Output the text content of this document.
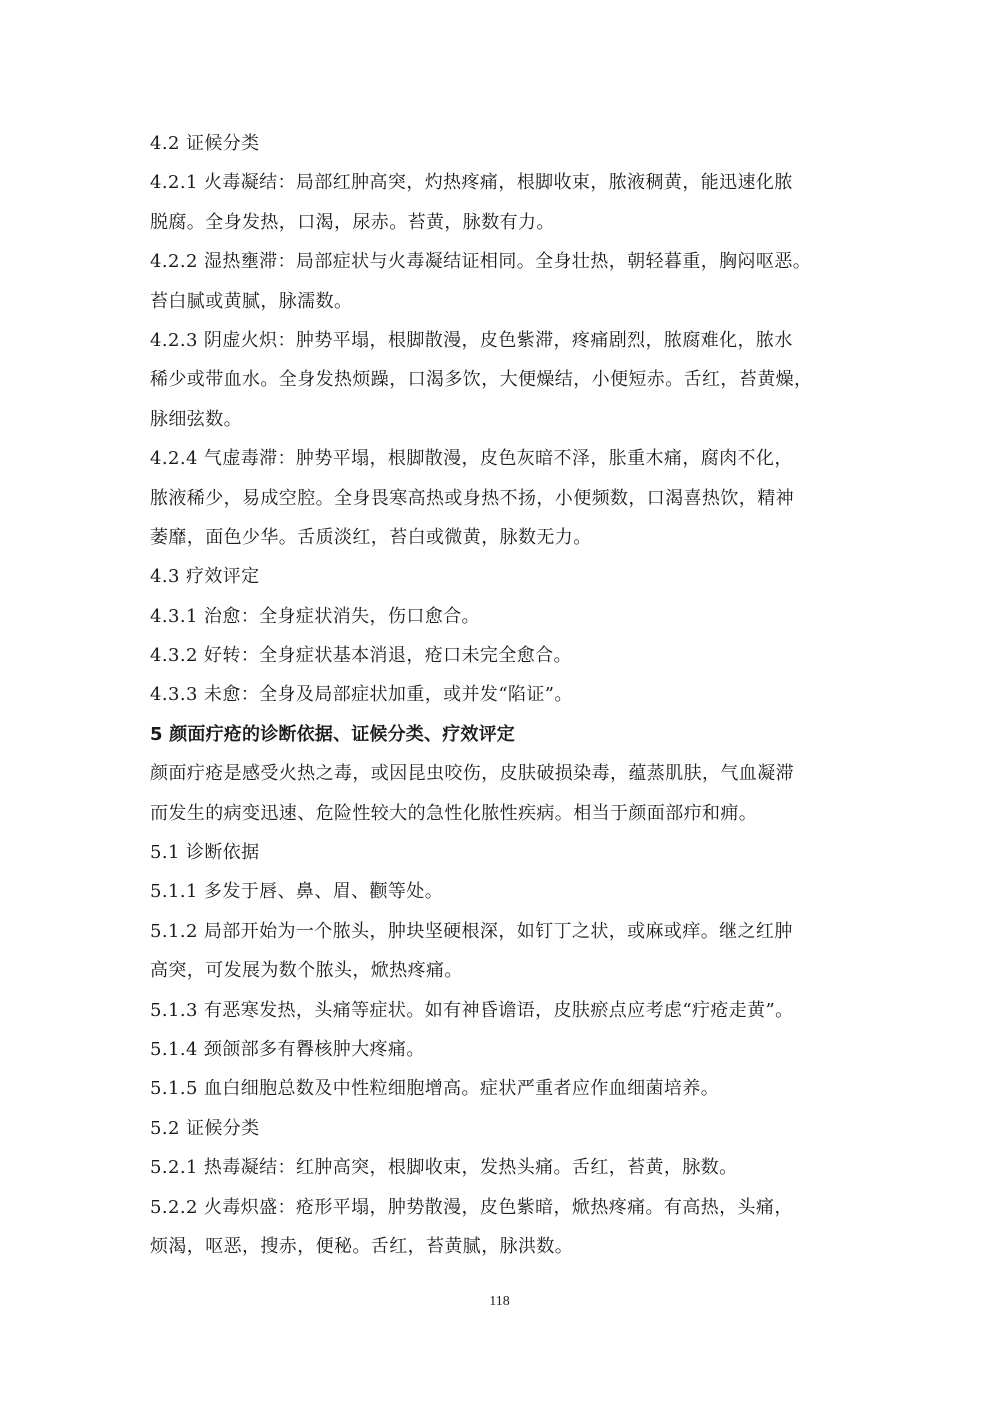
4.2 证候分类
4.2.1 火毒凝结：局部红肿高突，灼热疼痛，根脚收束，脓液稠黄，能迅速化脓
脱腐。全身发热，口渴，尿赤。苔黄，脉数有力。
4.2.2 湿热壅滞：局部症状与火毒凝结证相同。全身壮热，朝轻暮重，胸闷呕恶。
苔白腻或黄腻，脉濡数。
4.2.3 阴虚火炽：肿势平塌，根脚散漫，皮色紫滞，疼痛剧烈，脓腐难化，脓水
稀少或带血水。全身发热烦躁，口渴多饮，大便燥结，小便短赤。舌红，苔黄燥，
脉细弦数。
4.2.4 气虚毒滞：肿势平塌，根脚散漫，皮色灰暗不泽，胀重木痛，腐肉不化，
脓液稀少，易成空腔。全身畏寒高热或身热不扬，小便频数，口渴喜热饮，精神
萎靡，面色少华。舌质淡红，苔白或微黄，脉数无力。
4.3 疗效评定
4.3.1 治愈：全身症状消失，伤口愈合。
4.3.2 好转：全身症状基本消退，疮口未完全愈合。
4.3.3 未愈：全身及局部症状加重，或并发“陷证”。
5 颜面疔疮的诊断依据、证候分类、疗效评定
颜面疔疮是感受火热之毒，或因昆虫咬伤，皮肤破损染毒，蕴蒸肌肤，气血凝滞
而发生的病变迅速、危险性较大的急性化脓性疾病。相当于颜面部疖和痈。
5.1 诊断依据
5.1.1 多发于唇、鼻、眉、颧等处。
5.1.2 局部开始为一个脓头，肿块坚硬根深，如钉丁之状，或麻或痒。继之红肿
高突，可发展为数个脓头，焮热疼痛。
5.1.3 有恶寒发热，头痛等症状。如有神昏谵语，皮肤瘀点应考虑“疔疮走黄”。
5.1.4 颈颌部多有臖核肿大疼痛。
5.1.5 血白细胞总数及中性粒细胞增高。症状严重者应作血细菌培养。
5.2 证候分类
5.2.1 热毒凝结：红肿高突，根脚收束，发热头痛。舌红，苔黄，脉数。
5.2.2 火毒炽盛：疮形平塌，肿势散漫，皮色紫暗，焮热疼痛。有高热，头痛，
烦渴，呕恶，搜赤，便秘。舌红，苔黄腻，脉洪数。
118
